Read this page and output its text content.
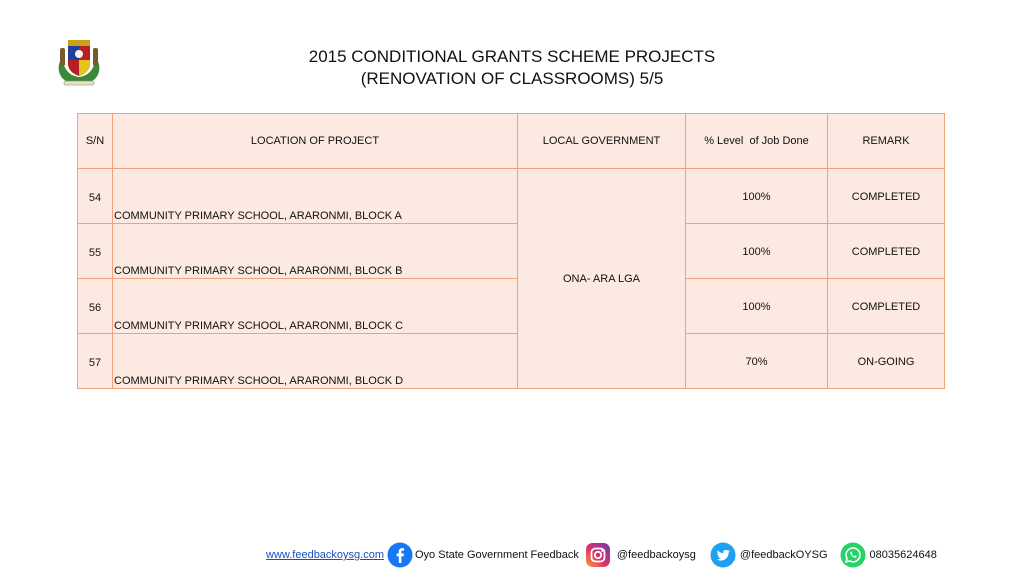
2015 CONDITIONAL GRANTS SCHEME PROJECTS
(RENOVATION OF CLASSROOMS) 5/5
S/N	LOCATION OF PROJECT	LOCAL GOVERNMENT	% Level  of Job Done	REMARK

54	COMMUNITY PRIMARY SCHOOL, ARARONMI, BLOCK A	ONA- ARA LGA	100%	COMPLETED

55	COMMUNITY PRIMARY SCHOOL, ARARONMI, BLOCK B		100%	COMPLETED

56	COMMUNITY PRIMARY SCHOOL, ARARONMI, BLOCK C		100%	COMPLETED

57	COMMUNITY PRIMARY SCHOOL, ARARONMI, BLOCK D		70%	ON-GOING
www.feedbackoysg.com	Oyo State Government Feedback	@feedbackoysg	@feedbackOYSG	08035624648
